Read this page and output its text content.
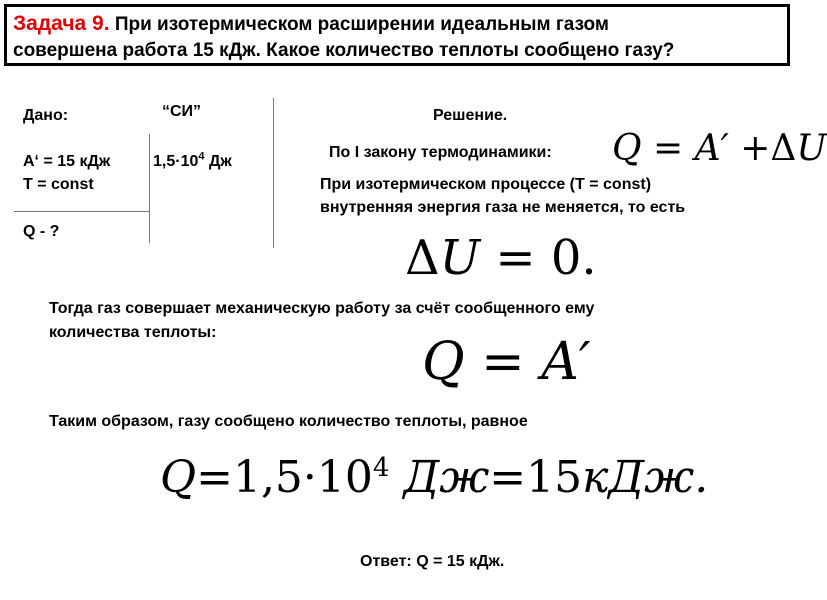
Задача 9. При изотермическом расширении идеальным газом
совершена работа 15 кДж. Какое количество теплоты сообщено газу?
Дано:
А‘ = 15 кДж
Т = const
Q - ?
“СИ”
$1,5\cdot 10^4$ Дж
Решение.
По I закону термодинамики: Q = A′ +ΔU
При изотермическом процессе (Т = const)
внутренняя энергия газа не меняется, то есть
ΔU = 0.
Тогда газ совершает механическую работу за счёт сообщенного ему
количества теплоты:	Q = A′
Таким образом, газу сообщено количество теплоты, равное
$Q=1,5\cdot 10^4$ Дж=15кДж.
Ответ: Q = 15 кДж.
